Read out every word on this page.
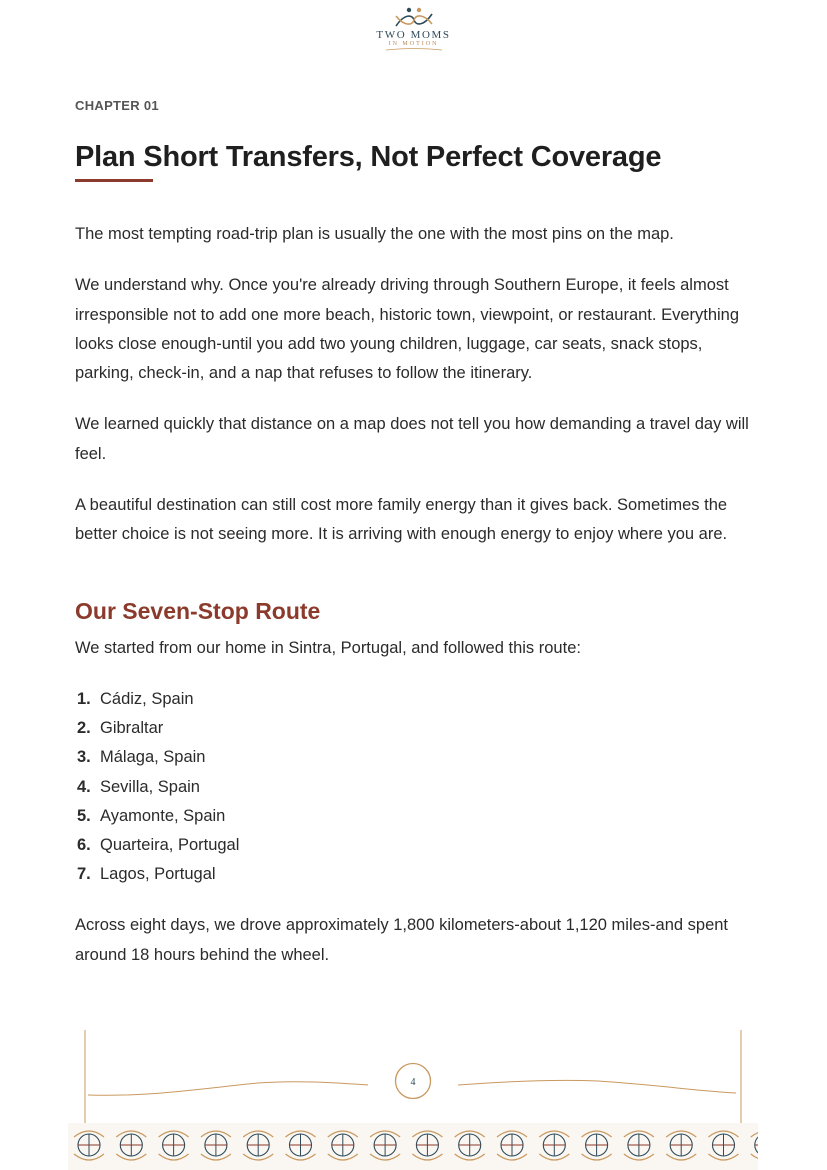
TWO MOMS
IN MOTION
CHAPTER 01
Plan Short Transfers, Not Perfect Coverage

The most tempting road-trip plan is usually the one with the most pins on the map.

We understand why. Once you're already driving through Southern Europe, it feels almost irresponsible not to add one more beach, historic town, viewpoint, or restaurant. Everything looks close enough-until you add two young children, luggage, car seats, snack stops, parking, check-in, and a nap that refuses to follow the itinerary.

We learned quickly that distance on a map does not tell you how demanding a travel day will feel.

A beautiful destination can still cost more family energy than it gives back. Sometimes the better choice is not seeing more. It is arriving with enough energy to enjoy where you are.

Our Seven-Stop Route

We started from our home in Sintra, Portugal, and followed this route:

1. Cádiz, Spain
2. Gibraltar
3. Málaga, Spain
4. Sevilla, Spain
5. Ayamonte, Spain
6. Quarteira, Portugal
7. Lagos, Portugal

Across eight days, we drove approximately 1,800 kilometers-about 1,120 miles-and spent around 18 hours behind the wheel.

4
